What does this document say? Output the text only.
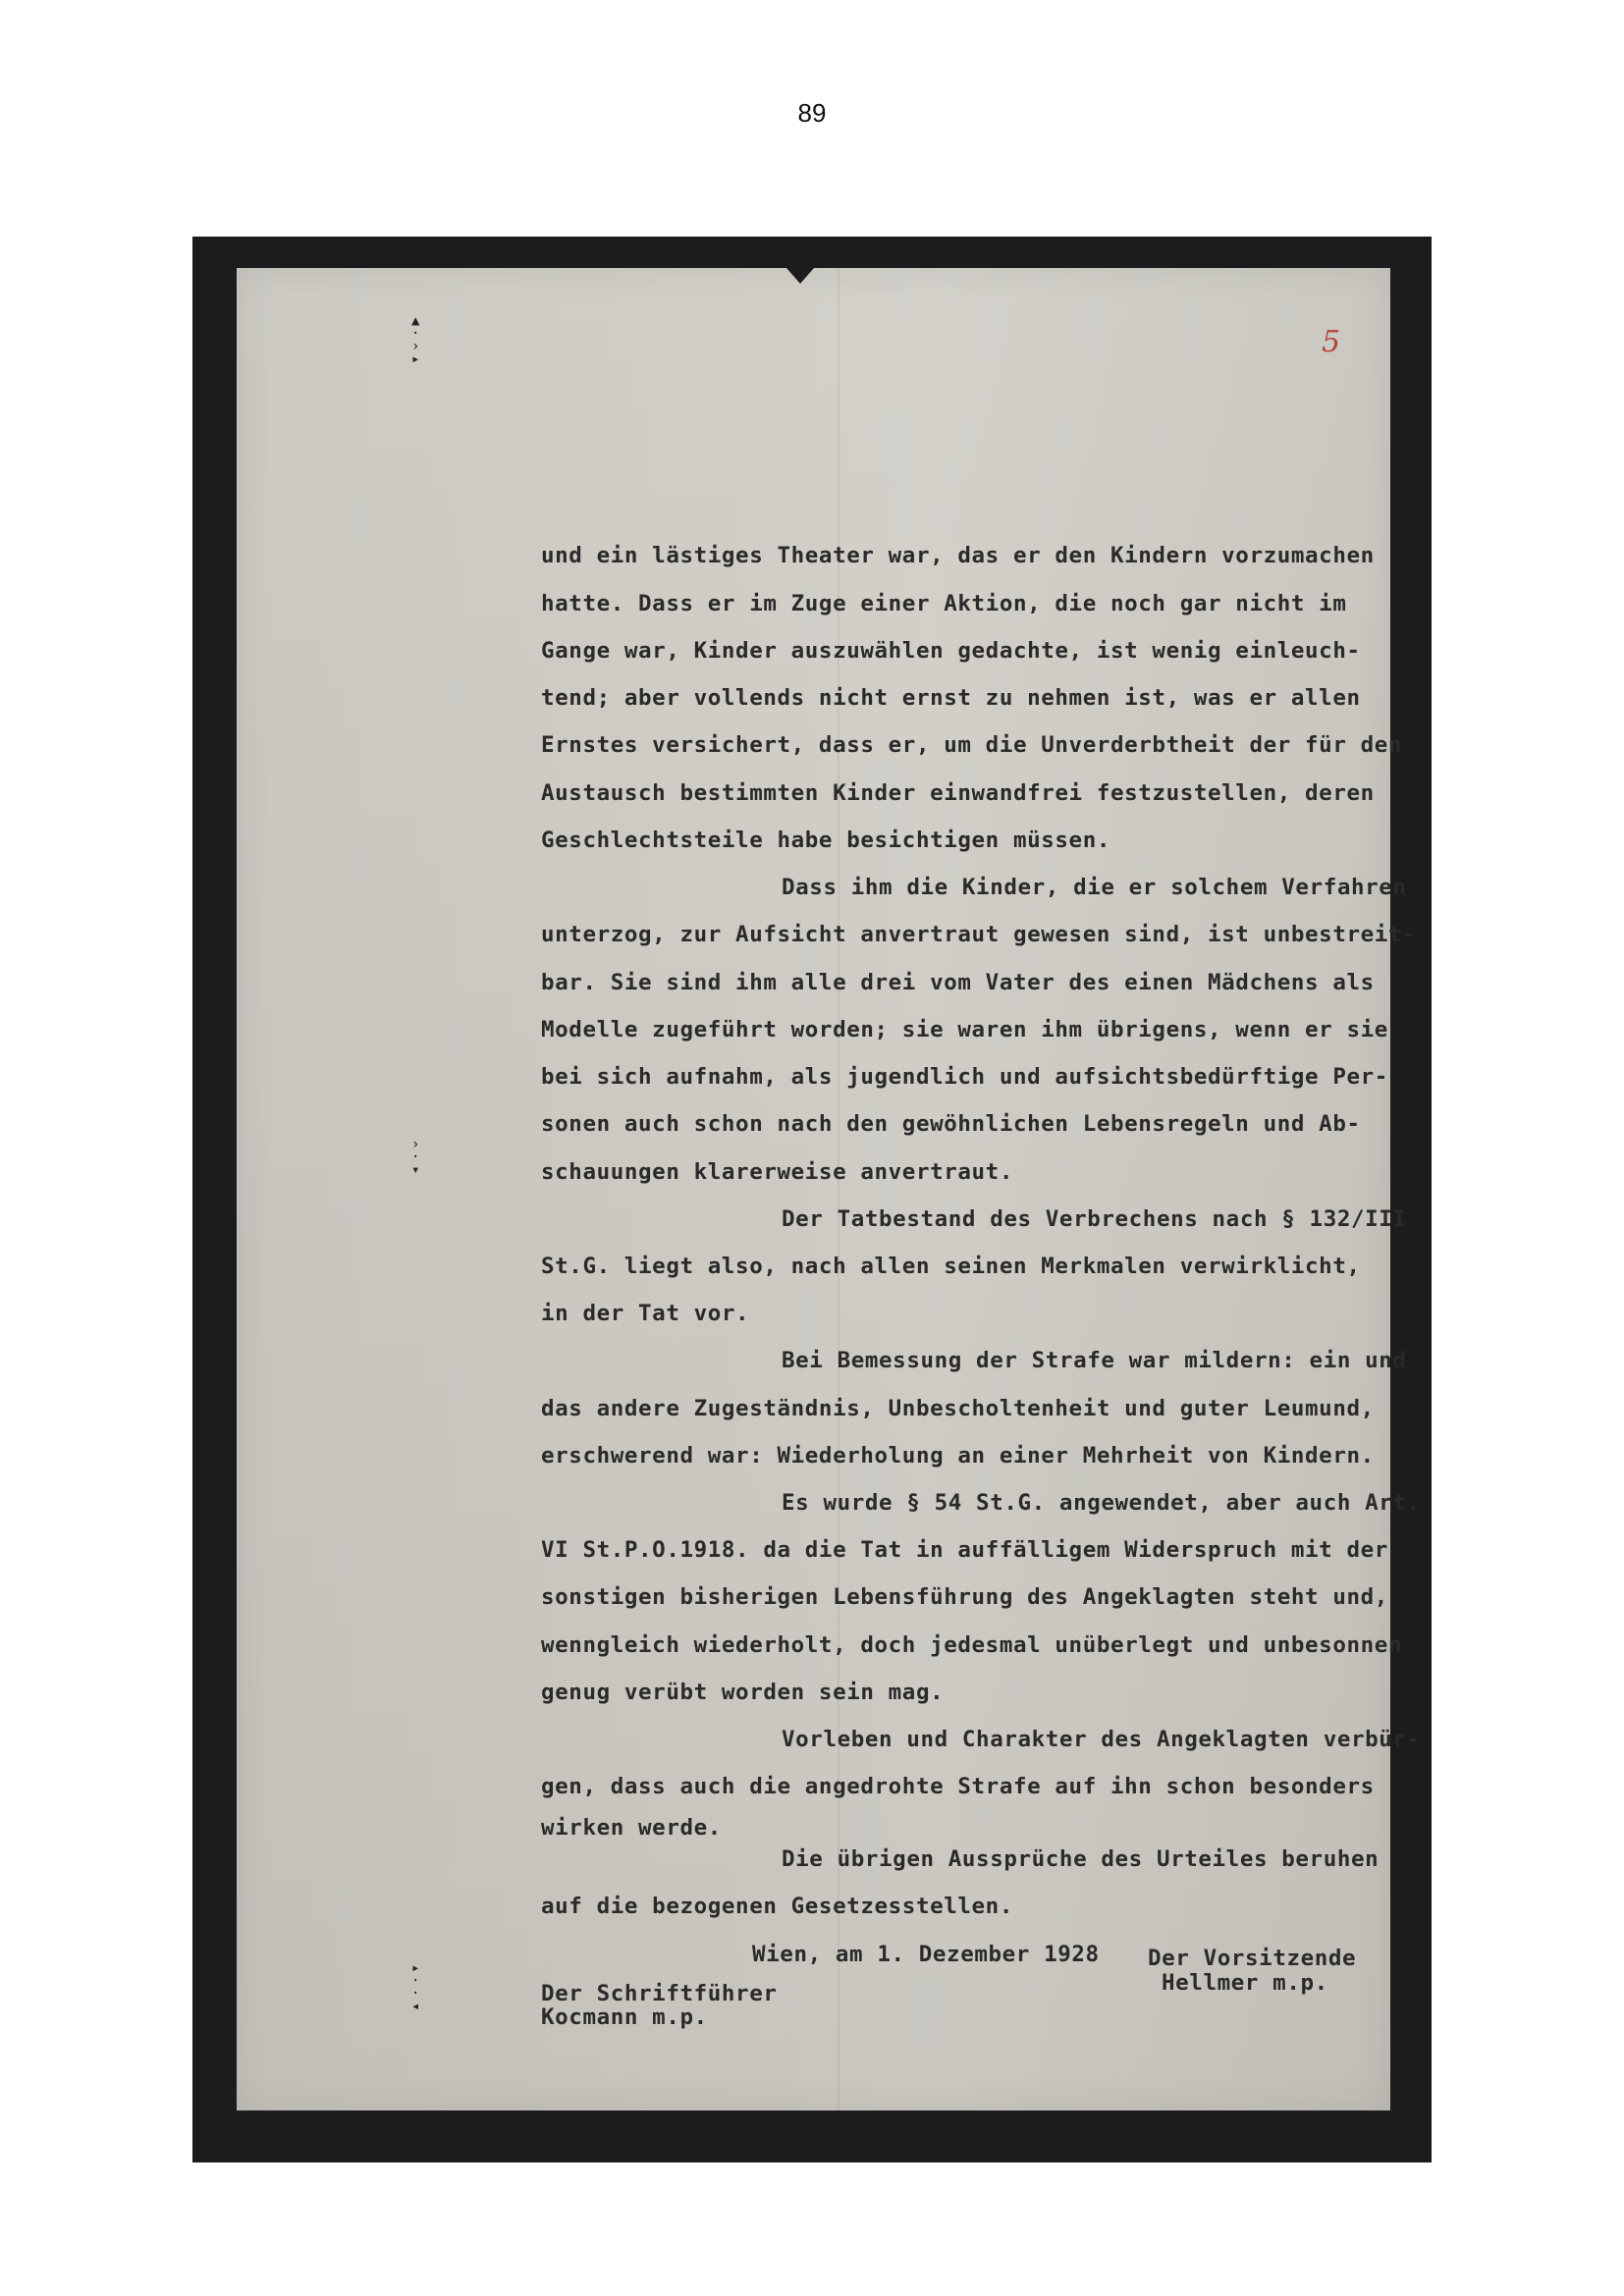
89
5
▲
·
›
▸
›
·
▾
▸
·
·
◂
und ein lästiges Theater war, das er den Kindern vorzumachen
hatte. Dass er im Zuge einer Aktion, die noch gar nicht im
Gange war, Kinder auszuwählen gedachte, ist wenig einleuch-
tend; aber vollends nicht ernst zu nehmen ist, was er allen
Ernstes versichert, dass er, um die Unverderbtheit der für den
Austausch bestimmten Kinder einwandfrei festzustellen, deren
Geschlechtsteile habe besichtigen müssen.
Dass ihm die Kinder, die er solchem Verfahren
unterzog, zur Aufsicht anvertraut gewesen sind, ist unbestreit-
bar. Sie sind ihm alle drei vom Vater des einen Mädchens als
Modelle zugeführt worden; sie waren ihm übrigens, wenn er sie
bei sich aufnahm, als jugendlich und aufsichtsbedürftige Per-
sonen auch schon nach den gewöhnlichen Lebensregeln und Ab-
schauungen klarerweise anvertraut.
Der Tatbestand des Verbrechens nach § 132/III
St.G. liegt also, nach allen seinen Merkmalen verwirklicht,
in der Tat vor.
Bei Bemessung der Strafe war mildern: ein und
das andere Zugeständnis, Unbescholtenheit und guter Leumund,
erschwerend war: Wiederholung an einer Mehrheit von Kindern.
Es wurde § 54 St.G. angewendet, aber auch Art.
VI St.P.O.1918. da die Tat in auffälligem Widerspruch mit der
sonstigen bisherigen Lebensführung des Angeklagten steht und,
wenngleich wiederholt, doch jedesmal unüberlegt und unbesonnen
genug verübt worden sein mag.
Vorleben und Charakter des Angeklagten verbür-
gen, dass auch die angedrohte Strafe auf ihn schon besonders
wirken werde.
Die übrigen Aussprüche des Urteiles beruhen
auf die bezogenen Gesetzesstellen.
Wien, am 1. Dezember 1928 Der Vorsitzende
Hellmer m.p.
Der Schriftführer
Kocmann m.p.
